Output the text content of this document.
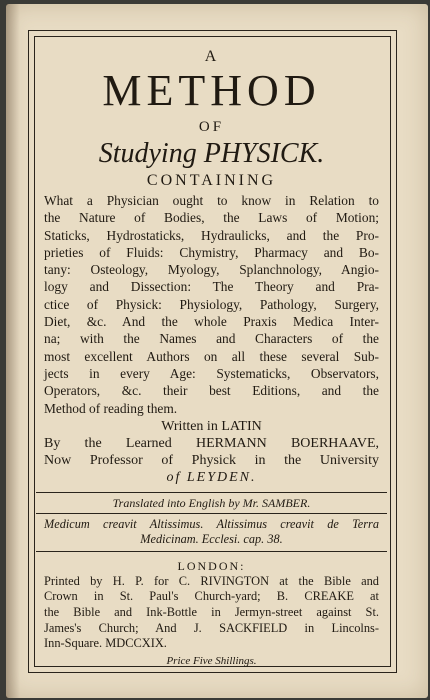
A
METHOD
OF
Studying PHYSICK.
CONTAINING
What a Physician ought to know in Relation to
the Nature of Bodies, the Laws of Motion;
Staticks, Hydrostaticks, Hydraulicks, and the Pro-
prieties of Fluids: Chymistry, Pharmacy and Bo-
tany: Osteology, Myology, Splanchnology, Angio-
logy and Dissection: The Theory and Pra-
ctice of Physick: Physiology, Pathology, Surgery,
Diet, &c. And the whole Praxis Medica Inter-
na; with the Names and Characters of the
most excellent Authors on all these several Sub-
jects in every Age: Systematicks, Observators,
Operators, &c. their best Editions, and the
Method of reading them.
Written in LATIN
By the Learned HERMANN BOERHAAVE,
Now Professor of Physick in the University
of LEYDEN.
Translated into English by Mr. SAMBER.
Medicum creavit Altissimus. Altissimus creavit de Terra
Medicinam. Ecclesi. cap. 38.
LONDON:
Printed by H. P. for C. RIVINGTON at the Bible and
Crown in St. Paul's Church-yard; B. CREAKE at
the Bible and Ink-Bottle in Jermyn-street against St.
James's Church; And J. SACKFIELD in Lincolns-
Inn-Square. MDCCXIX.
Price Five Shillings.
